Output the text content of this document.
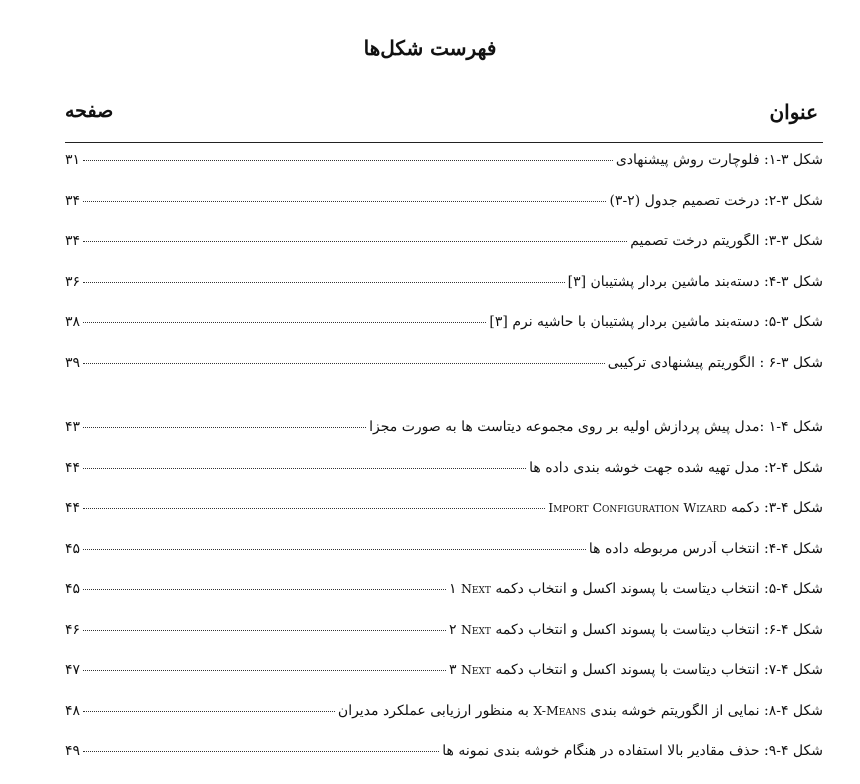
فهرست شکل‌ها
عنوان
صفحه
شکل ۳-۱: فلوچارت روش پیشنهادی
۳۱
شکل ۳-۲: درخت تصمیم جدول (۲-۳)
۳۴
شکل ۳-۳: الگوریتم درخت تصمیم
۳۴
شکل ۳-۴: دسته‌بند ماشین بردار پشتیبان [۳]
۳۶
شکل ۳-۵: دسته‌بند ماشین بردار پشتیبان با حاشیه نرم [۳]
۳۸
شکل ۳-۶ : الگوریتم پیشنهادی ترکیبی
۳۹
شکل ۴-۱ :مدل پیش پردازش اولیه بر روی مجموعه دیتاست ها به صورت مجزا
۴۳
شکل ۴-۲: مدل تهیه شده جهت خوشه بندی داده ها
۴۴
شکل ۴-۳: دکمه Import Configuration Wizard
۴۴
شکل ۴-۴: انتخاب آدرس مربوطه داده ها
۴۵
شکل ۴-۵: انتخاب دیتاست با پسوند اکسل و انتخاب دکمه Next ۱
۴۵
شکل ۴-۶: انتخاب دیتاست با پسوند اکسل و انتخاب دکمه Next ۲
۴۶
شکل ۴-۷: انتخاب دیتاست با پسوند اکسل و انتخاب دکمه Next ۳
۴۷
شکل ۴-۸: نمایی از الگوریتم خوشه بندی X-Means به منظور ارزیابی عملکرد مدیران
۴۸
شکل ۴-۹: حذف مقادیر بالا استفاده در هنگام خوشه بندی نمونه ها
۴۹
